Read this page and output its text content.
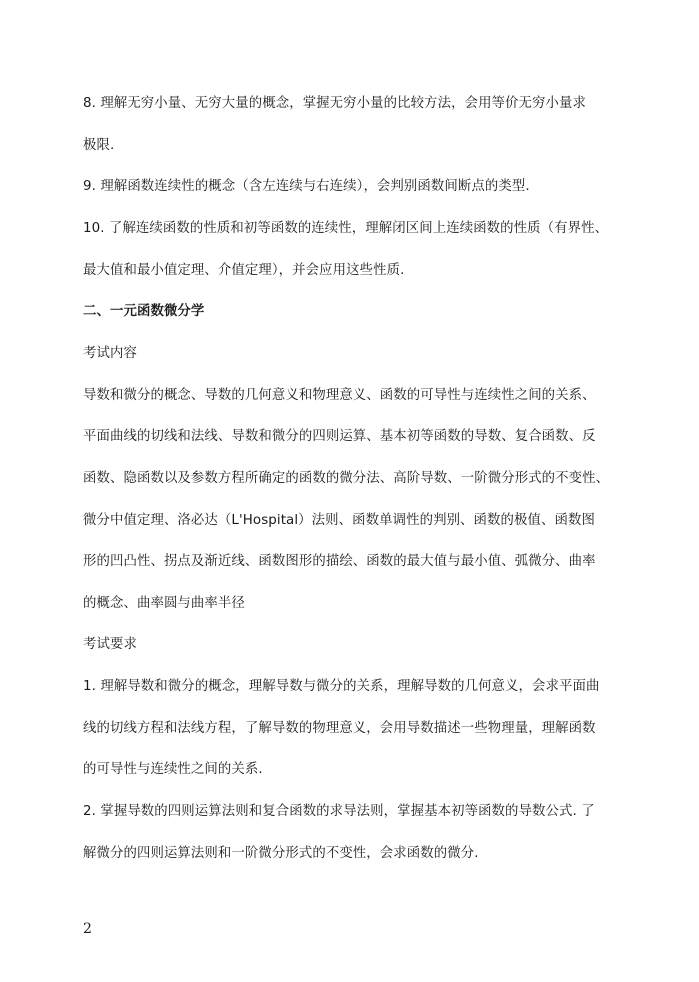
8. 理解无穷小量、无穷大量的概念，掌握无穷小量的比较方法，会用等价无穷小量求
极限.
9. 理解函数连续性的概念（含左连续与右连续），会判别函数间断点的类型.
10. 了解连续函数的性质和初等函数的连续性，理解闭区间上连续函数的性质（有界性、
最大值和最小值定理、介值定理），并会应用这些性质.
二、一元函数微分学
考试内容
导数和微分的概念、导数的几何意义和物理意义、函数的可导性与连续性之间的关系、
平面曲线的切线和法线、导数和微分的四则运算、基本初等函数的导数、复合函数、反
函数、隐函数以及参数方程所确定的函数的微分法、高阶导数、一阶微分形式的不变性、
微分中值定理、洛必达（L'Hospital）法则、函数单调性的判别、函数的极值、函数图
形的凹凸性、拐点及渐近线、函数图形的描绘、函数的最大值与最小值、弧微分、曲率
的概念、曲率圆与曲率半径
考试要求
1. 理解导数和微分的概念，理解导数与微分的关系，理解导数的几何意义，会求平面曲
线的切线方程和法线方程，了解导数的物理意义，会用导数描述一些物理量，理解函数
的可导性与连续性之间的关系.
2. 掌握导数的四则运算法则和复合函数的求导法则，掌握基本初等函数的导数公式. 了
解微分的四则运算法则和一阶微分形式的不变性，会求函数的微分.
2
